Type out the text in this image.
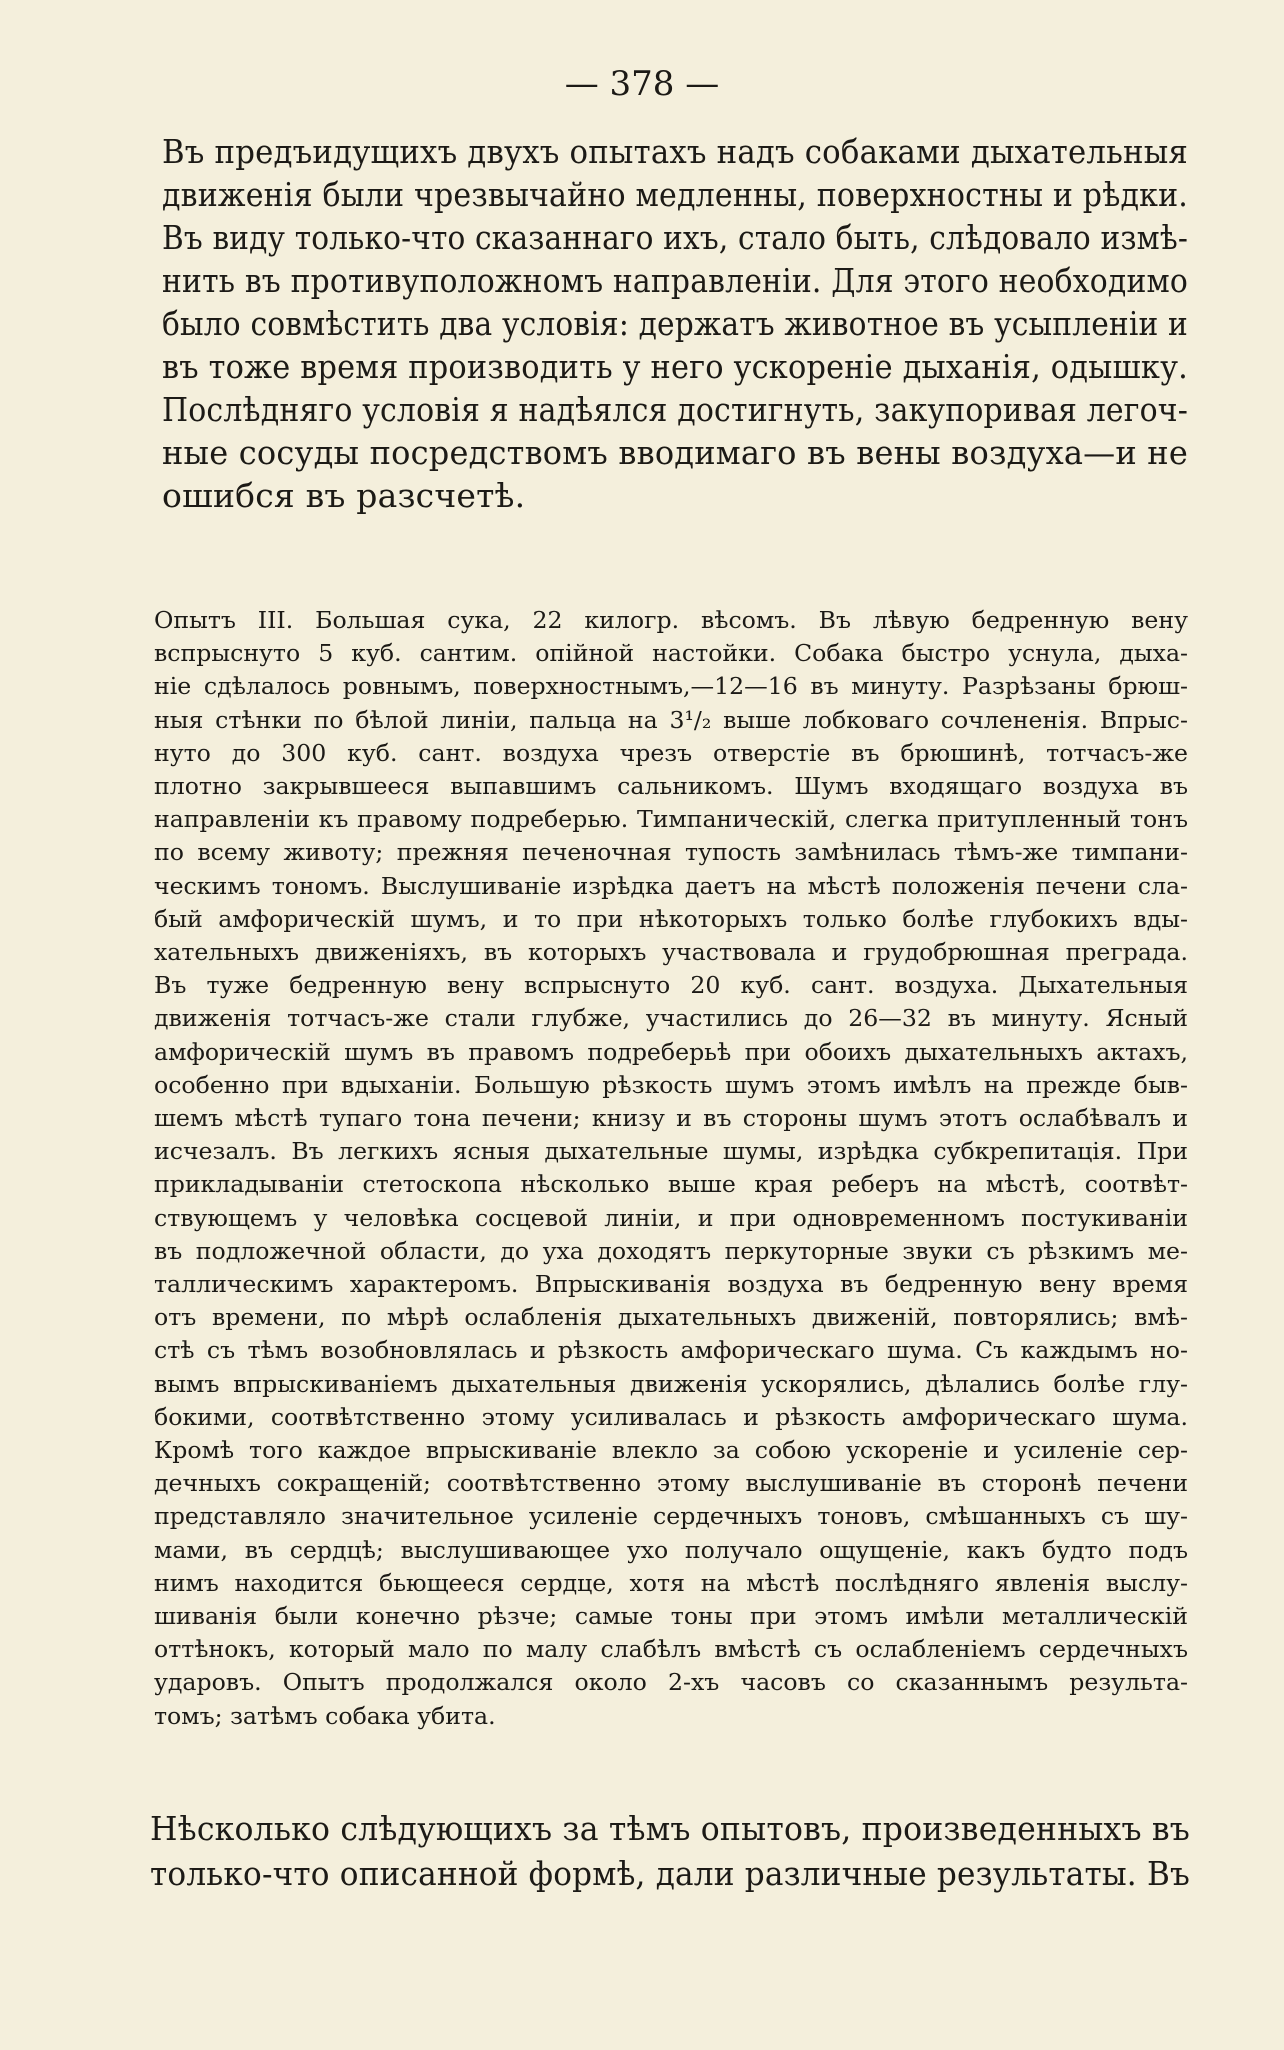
— 378 —
Въ предъидущихъ двухъ опытахъ надъ собаками дыхательныя
движенія были чрезвычайно медленны, поверхностны и рѣдки.
Въ виду только-что сказаннаго ихъ, стало быть, слѣдовало измѣ-
нить въ противуположномъ направленіи. Для этого необходимо
было совмѣстить два условія: держатъ животное въ усыпленіи и
въ тоже время производить у него ускореніе дыханія, одышку.
Послѣдняго условія я надѣялся достигнуть, закупоривая легоч-
ные сосуды посредствомъ вводимаго въ вены воздуха—и не
ошибся въ разсчетѣ.
Опытъ III. Большая сука, 22 килогр. вѣсомъ. Въ лѣвую бедренную вену
вспрыснуто 5 куб. сантим. опійной настойки. Собака быстро уснула, дыха-
ніе сдѣлалось ровнымъ, поверхностнымъ,—12—16 въ минуту. Разрѣзаны брюш-
ныя стѣнки по бѣлой линіи, пальца на 3¹/₂ выше лобковаго сочлененія. Впрыс-
нуто до 300 куб. сант. воздуха чрезъ отверстіе въ брюшинѣ, тотчасъ-же
плотно закрывшееся выпавшимъ сальникомъ. Шумъ входящаго воздуха въ
направленіи къ правому подреберью. Тимпаническій, слегка притупленный тонъ
по всему животу; прежняя печеночная тупость замѣнилась тѣмъ-же тимпани-
ческимъ тономъ. Выслушиваніе изрѣдка даетъ на мѣстѣ положенія печени сла-
бый амфорическій шумъ, и то при нѣкоторыхъ только болѣе глубокихъ вды-
хательныхъ движеніяхъ, въ которыхъ участвовала и грудобрюшная преграда.
Въ туже бедренную вену вспрыснуто 20 куб. сант. воздуха. Дыхательныя
движенія тотчасъ-же стали глубже, участились до 26—32 въ минуту. Ясный
амфорическій шумъ въ правомъ подреберьѣ при обоихъ дыхательныхъ актахъ,
особенно при вдыханіи. Большую рѣзкость шумъ этомъ имѣлъ на прежде быв-
шемъ мѣстѣ тупаго тона печени; книзу и въ стороны шумъ этотъ ослабѣвалъ и
исчезалъ. Въ легкихъ ясныя дыхательные шумы, изрѣдка субкрепитація. При
прикладываніи стетоскопа нѣсколько выше края реберъ на мѣстѣ, соотвѣт-
ствующемъ у человѣка сосцевой линіи, и при одновременномъ постукиваніи
въ подложечной области, до уха доходятъ перкуторные звуки съ рѣзкимъ ме-
таллическимъ характеромъ. Впрыскиванія воздуха въ бедренную вену время
отъ времени, по мѣрѣ ослабленія дыхательныхъ движеній, повторялись; вмѣ-
стѣ съ тѣмъ возобновлялась и рѣзкость амфорическаго шума. Съ каждымъ но-
вымъ впрыскиваніемъ дыхательныя движенія ускорялись, дѣлались болѣе глу-
бокими, соотвѣтственно этому усиливалась и рѣзкость амфорическаго шума.
Кромѣ того каждое впрыскиваніе влекло за собою ускореніе и усиленіе сер-
дечныхъ сокращеній; соотвѣтственно этому выслушиваніе въ сторонѣ печени
представляло значительное усиленіе сердечныхъ тоновъ, смѣшанныхъ съ шу-
мами, въ сердцѣ; выслушивающее ухо получало ощущеніе, какъ будто подъ
нимъ находится бьющееся сердце, хотя на мѣстѣ послѣдняго явленія выслу-
шиванія были конечно рѣзче; самые тоны при этомъ имѣли металлическій
оттѣнокъ, который мало по малу слабѣлъ вмѣстѣ съ ослабленіемъ сердечныхъ
ударовъ. Опытъ продолжался около 2-хъ часовъ со сказаннымъ результа-
томъ; затѣмъ собака убита.
Нѣсколько слѣдующихъ за тѣмъ опытовъ, произведенныхъ въ
только-что описанной формѣ, дали различные результаты. Въ
